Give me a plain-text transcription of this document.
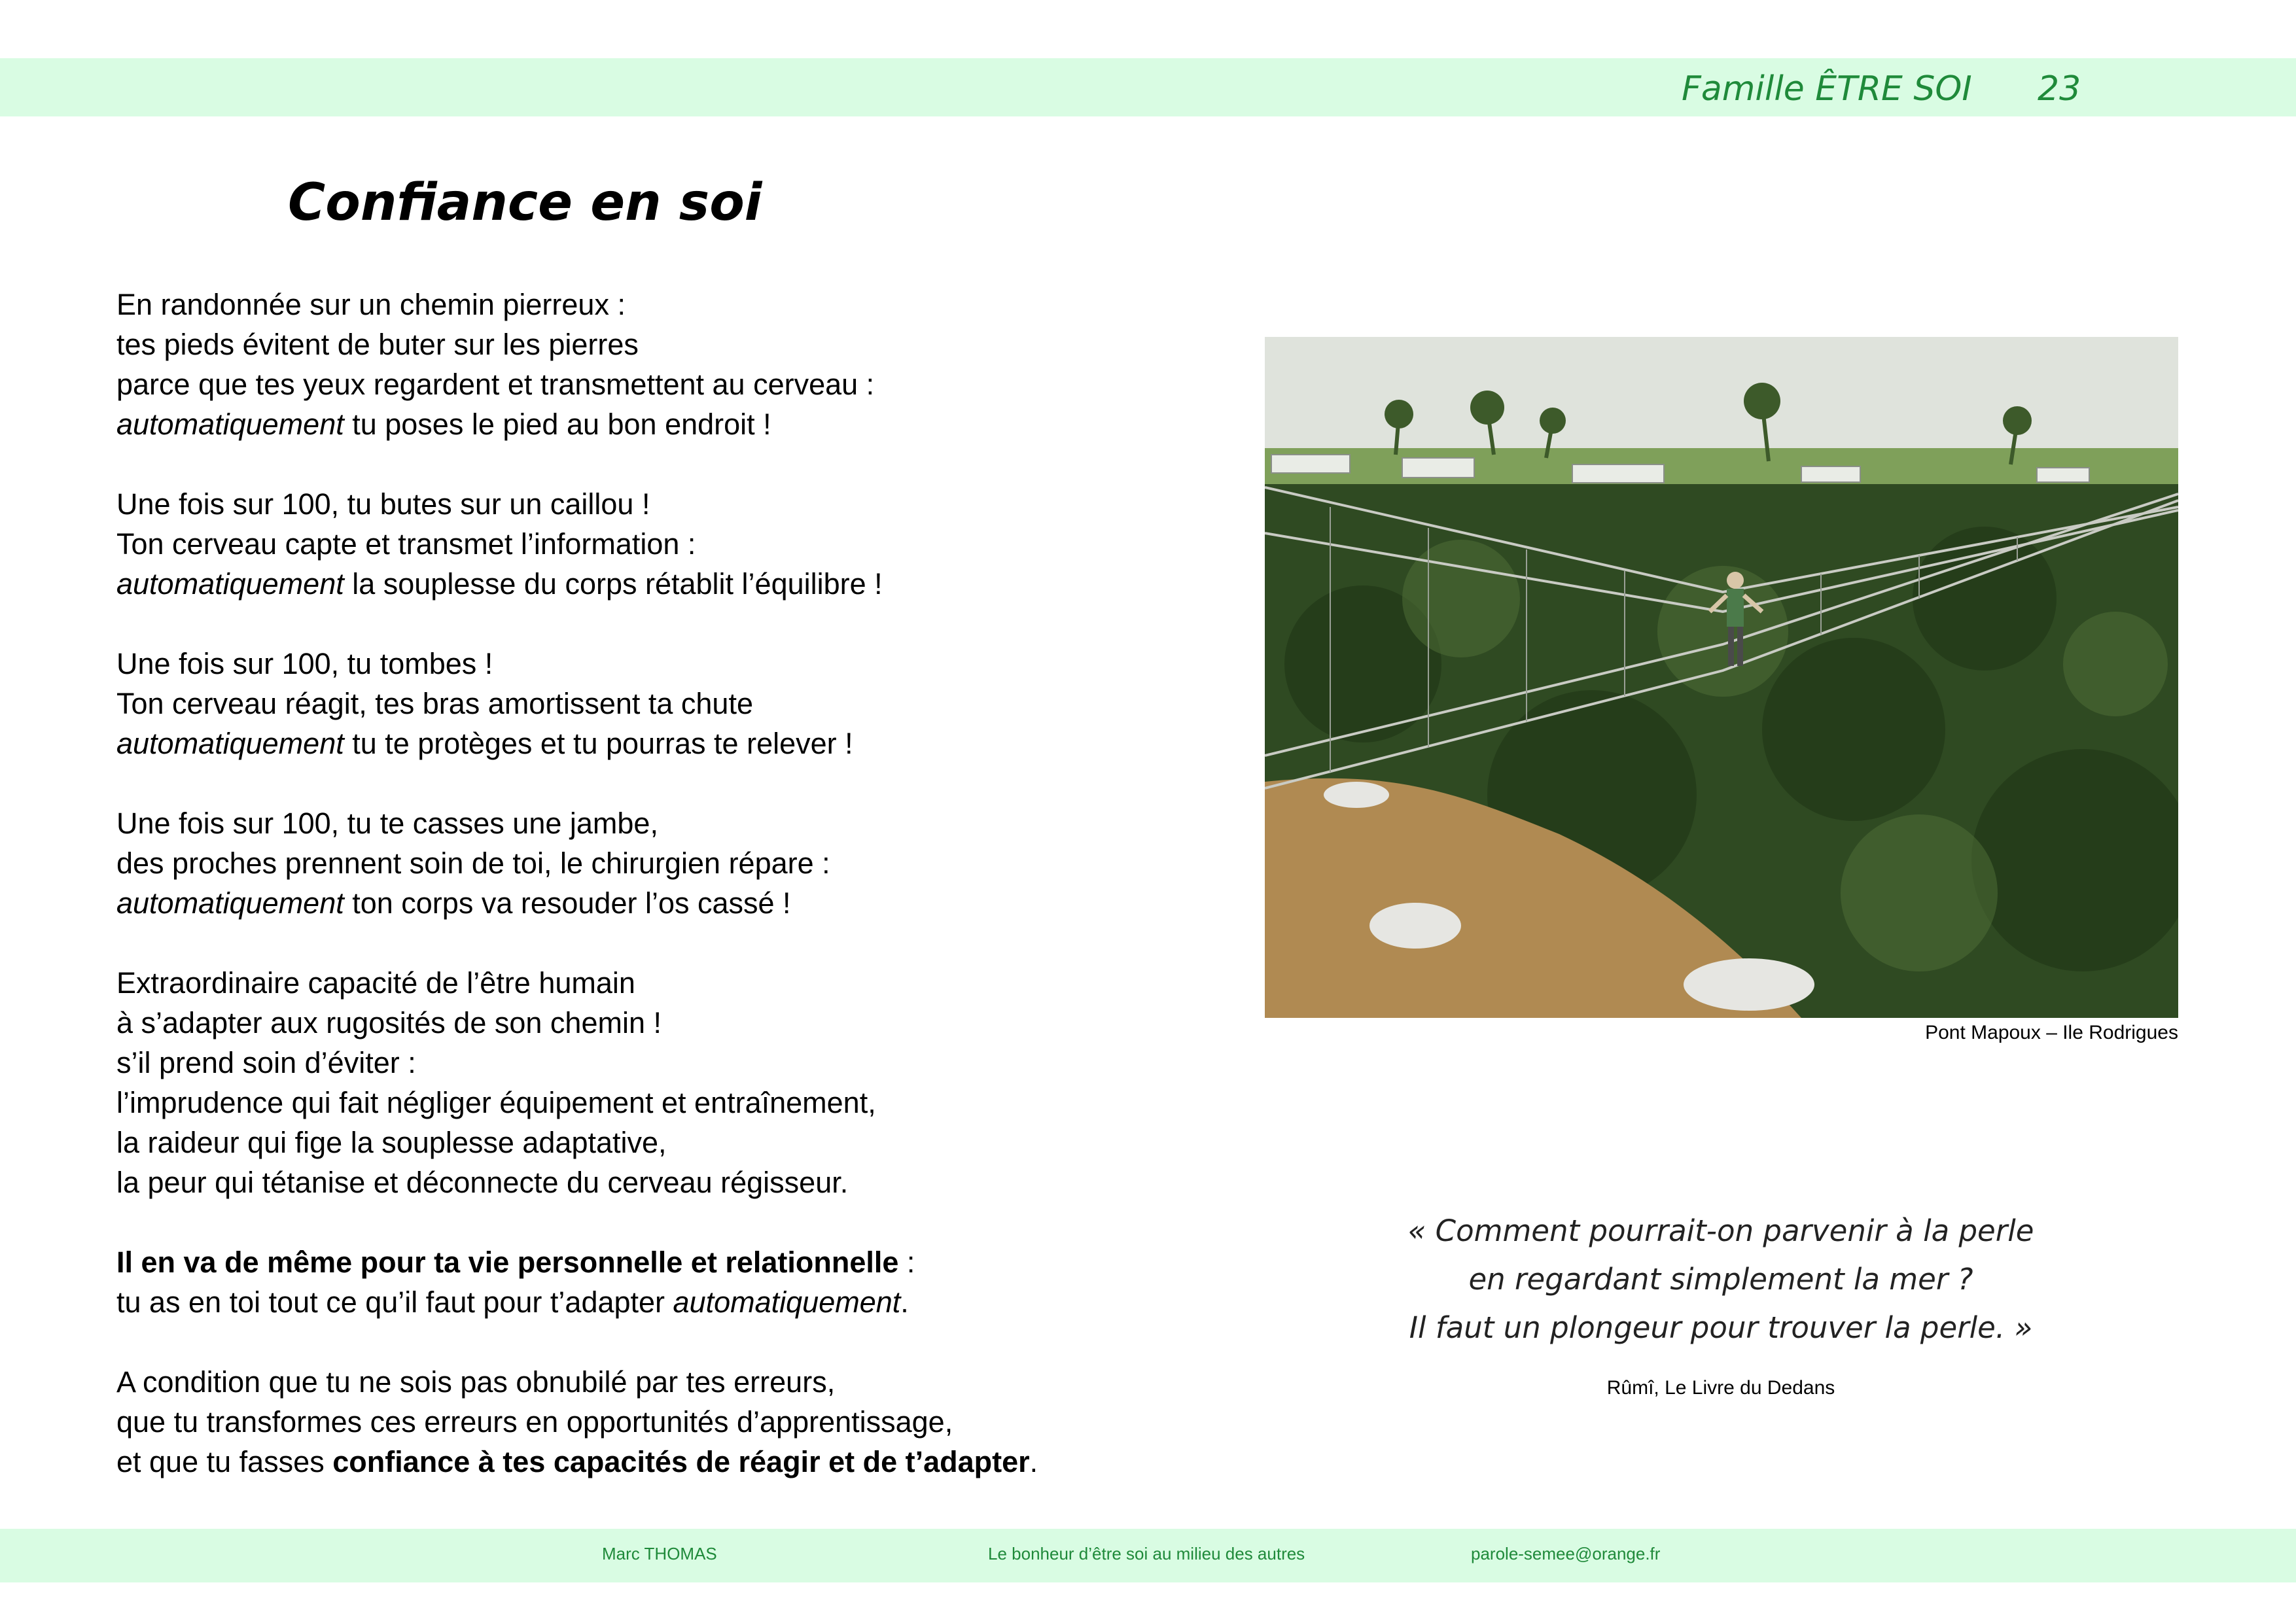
Famille ÊTRE SOI 23
Confiance en soi
En randonnée sur un chemin pierreux :
tes pieds évitent de buter sur les pierres
parce que tes yeux regardent et transmettent au cerveau :
automatiquement tu poses le pied au bon endroit !
Une fois sur 100, tu butes sur un caillou !
Ton cerveau capte et transmet l’information :
automatiquement la souplesse du corps rétablit l’équilibre !
Une fois sur 100, tu tombes !
Ton cerveau réagit, tes bras amortissent ta chute
automatiquement tu te protèges et tu pourras te relever !
Une fois sur 100, tu te casses une jambe,
des proches prennent soin de toi, le chirurgien répare :
automatiquement ton corps va resouder l’os cassé !
Extraordinaire capacité de l’être humain
à s’adapter aux rugosités de son chemin !
s’il prend soin d’éviter :
l’imprudence qui fait négliger équipement et entraînement,
la raideur qui fige la souplesse adaptative,
la peur qui tétanise et déconnecte du cerveau régisseur.
Il en va de même pour ta vie personnelle et relationnelle :
tu as en toi tout ce qu’il faut pour t’adapter automatiquement.
A condition que tu ne sois pas obnubilé par tes erreurs,
que tu transformes ces erreurs en opportunités d’apprentissage,
et que tu fasses confiance à tes capacités de réagir et de t’adapter.
Pont Mapoux – Ile Rodrigues
« Comment pourrait-on parvenir à la perle
en regardant simplement la mer ?
Il faut un plongeur pour trouver la perle. »
Rûmî, Le Livre du Dedans
Marc THOMAS	Le bonheur d’être soi au milieu des autres	parole-semee@orange.fr
